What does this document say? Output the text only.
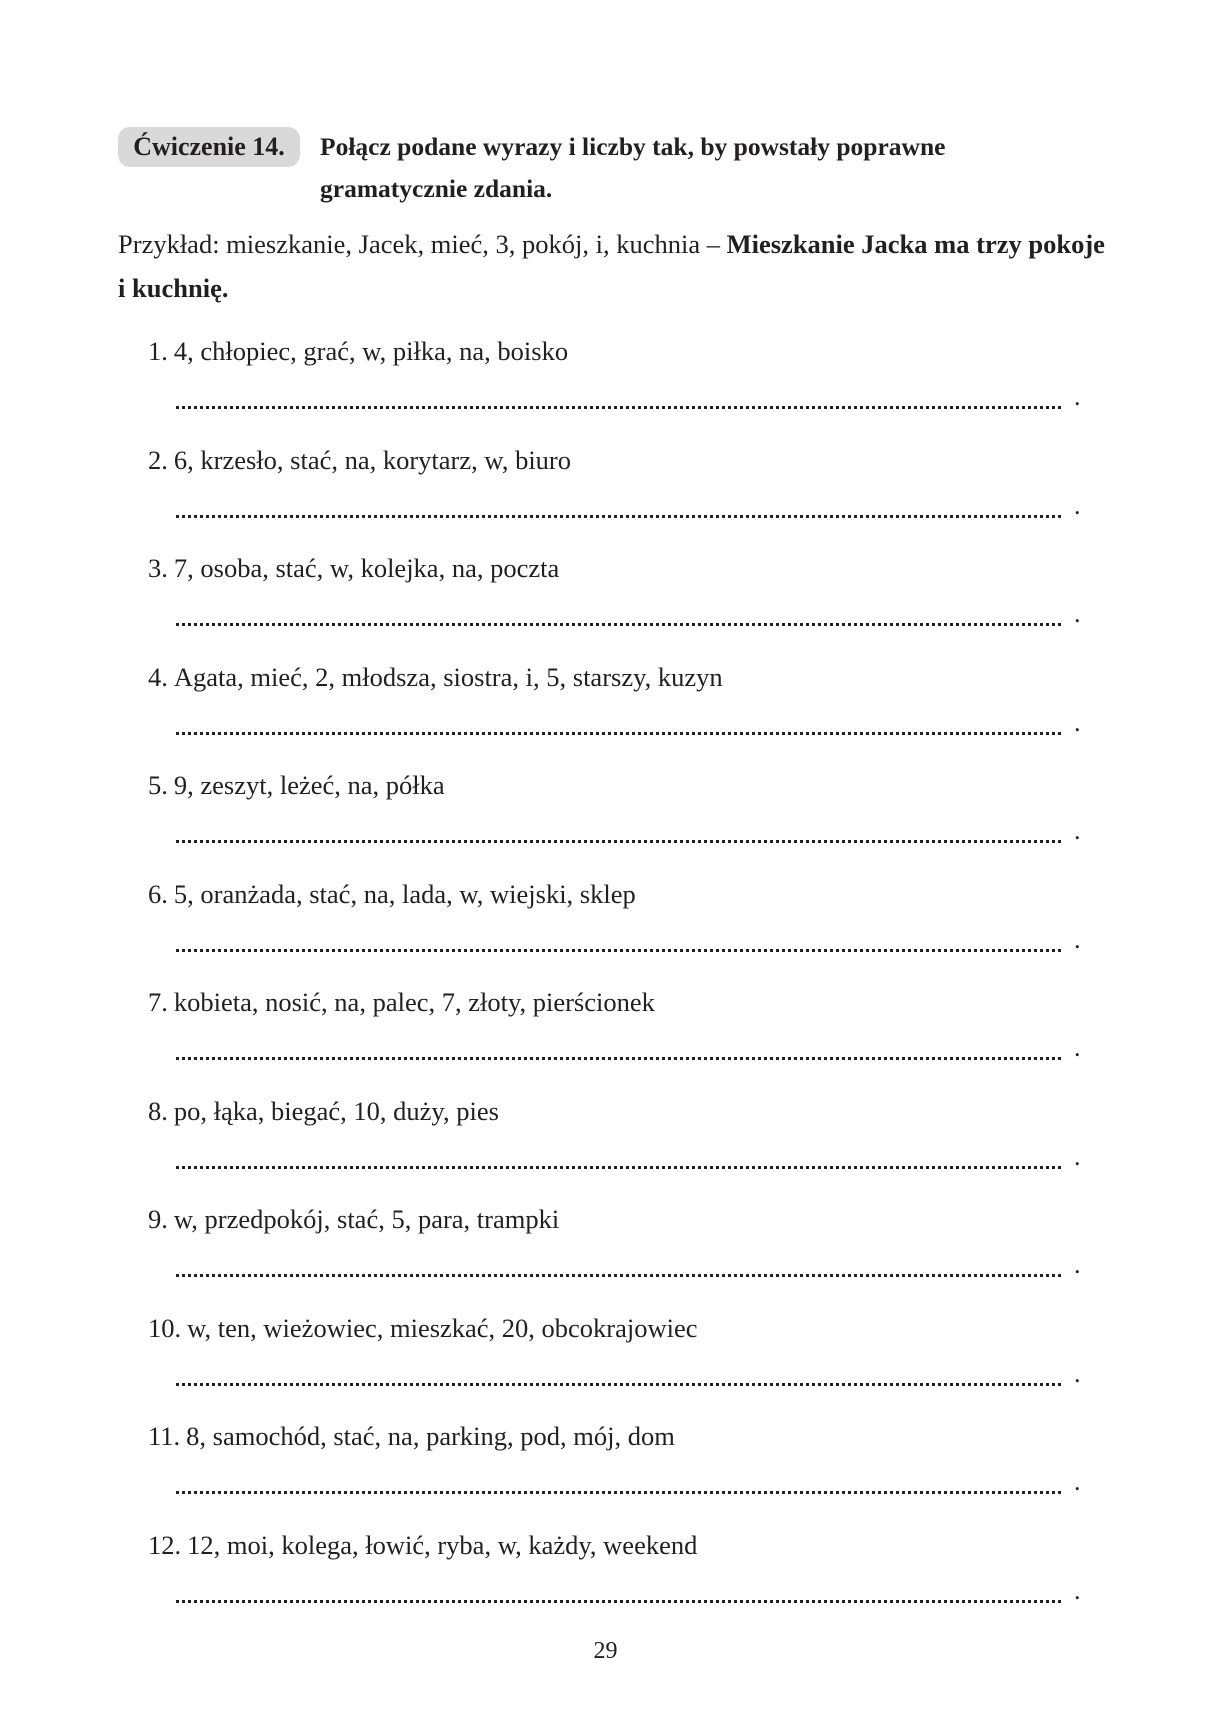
Ćwiczenie 14.	Połącz podane wyrazy i liczby tak, by powstały poprawne gramatycznie zdania.
Przykład: mieszkanie, Jacek, mieć, 3, pokój, i, kuchnia – Mieszkanie Jacka ma trzy pokoje i kuchnię.
1. 4, chłopiec, grać, w, piłka, na, boisko
.
2. 6, krzesło, stać, na, korytarz, w, biuro
.
3. 7, osoba, stać, w, kolejka, na, poczta
.
4. Agata, mieć, 2, młodsza, siostra, i, 5, starszy, kuzyn
.
5. 9, zeszyt, leżeć, na, półka
.
6. 5, oranżada, stać, na, lada, w, wiejski, sklep
.
7. kobieta, nosić, na, palec, 7, złoty, pierścionek
.
8. po, łąka, biegać, 10, duży, pies
.
9. w, przedpokój, stać, 5, para, trampki
.
10. w, ten, wieżowiec, mieszkać, 20, obcokrajowiec
.
11. 8, samochód, stać, na, parking, pod, mój, dom
.
12. 12, moi, kolega, łowić, ryba, w, każdy, weekend
.
29
